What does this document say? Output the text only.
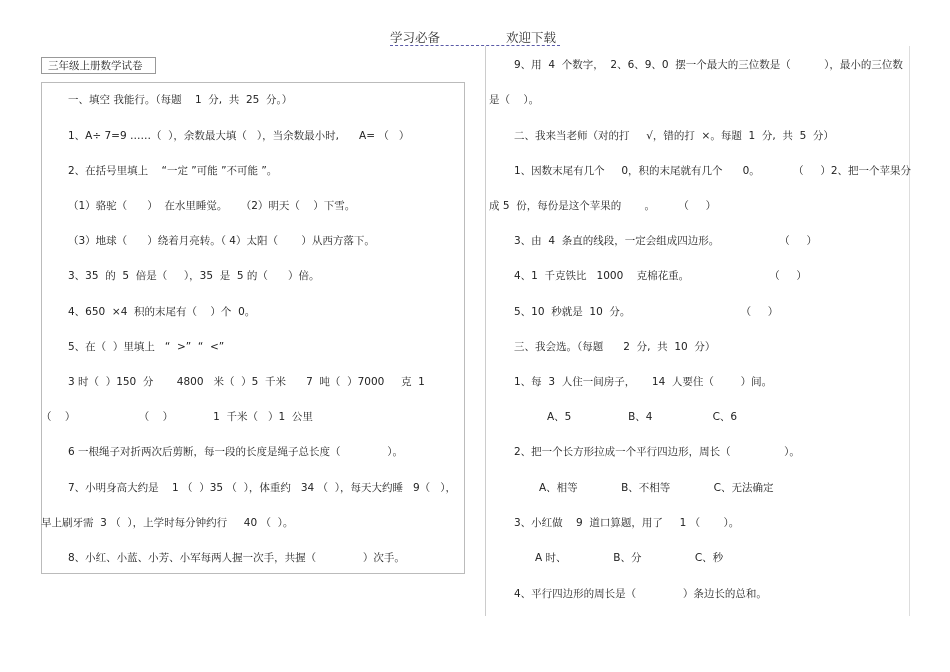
学习必备	欢迎下载
三年级上册数学试卷
一、填空 我能行。（每题    1  分,  共  25  分。）
1、A÷ 7=9 ……（  ），余数最大填（   ），当余数最小时,      A= （   ）
2、在括号里填上    “一定 ”可能 ”不可能 ”。
（1）骆驼（      ）  在水里睡觉。    （2）明天（    ）下雪。
（3）地球（      ）绕着月亮转。（ 4）太阳（       ）从西方落下。
3、35  的  5  倍是（     ），35  是  5 的（      ）倍。
4、650  ×4  积的末尾有（    ）个  0。
5、在（  ）里填上   “  >”  “  <”
3 时（  ）150  分       4800   米（  ）5  千米      7  吨（  ）7000     克  1
（    ）                   （    ）            1  千米（   ）1  公里
6 一根绳子对折两次后剪断，每一段的长度是绳子总长度（              ）。
7、小明身高大约是    1 （  ）35 （  ），体重约   34 （  ），每天大约睡   9（   ），
早上刷牙需  3 （  ），上学时每分钟约行     40 （  ）。
8、小红、小蓝、小芳、小军每两人握一次手，共握（              ）次手。
9、用  4  个数字，  2、6、9、0  摆一个最大的三位数是（          ），最小的三位数
是（    ）。
二、我来当老师（对的打     √，错的打  ×。每题  1  分,  共  5  分）
1、因数末尾有几个     0，积的末尾就有几个      0。          （     ）2、把一个苹果分
成 5  份，每份是这个苹果的       。       （     ）
3、由  4  条直的线段，一定会组成四边形。                  （     ）
4、1  千克铁比   1000    克棉花重。                        （     ）
5、10  秒就是  10  分。                                 （     ）
三、我会选。（每题      2  分,  共  10  分）
1、每  3  人住一间房子，     14  人要住（        ）间。
A、5                 B、4                  C、6
2、把一个长方形拉成一个平行四边形，周长（                ）。
A、相等             B、不相等             C、无法确定
3、小红做    9  道口算题，用了     1 （       ）。
A 时、              B、分                C、秒
4、平行四边形的周长是（              ）条边长的总和。
